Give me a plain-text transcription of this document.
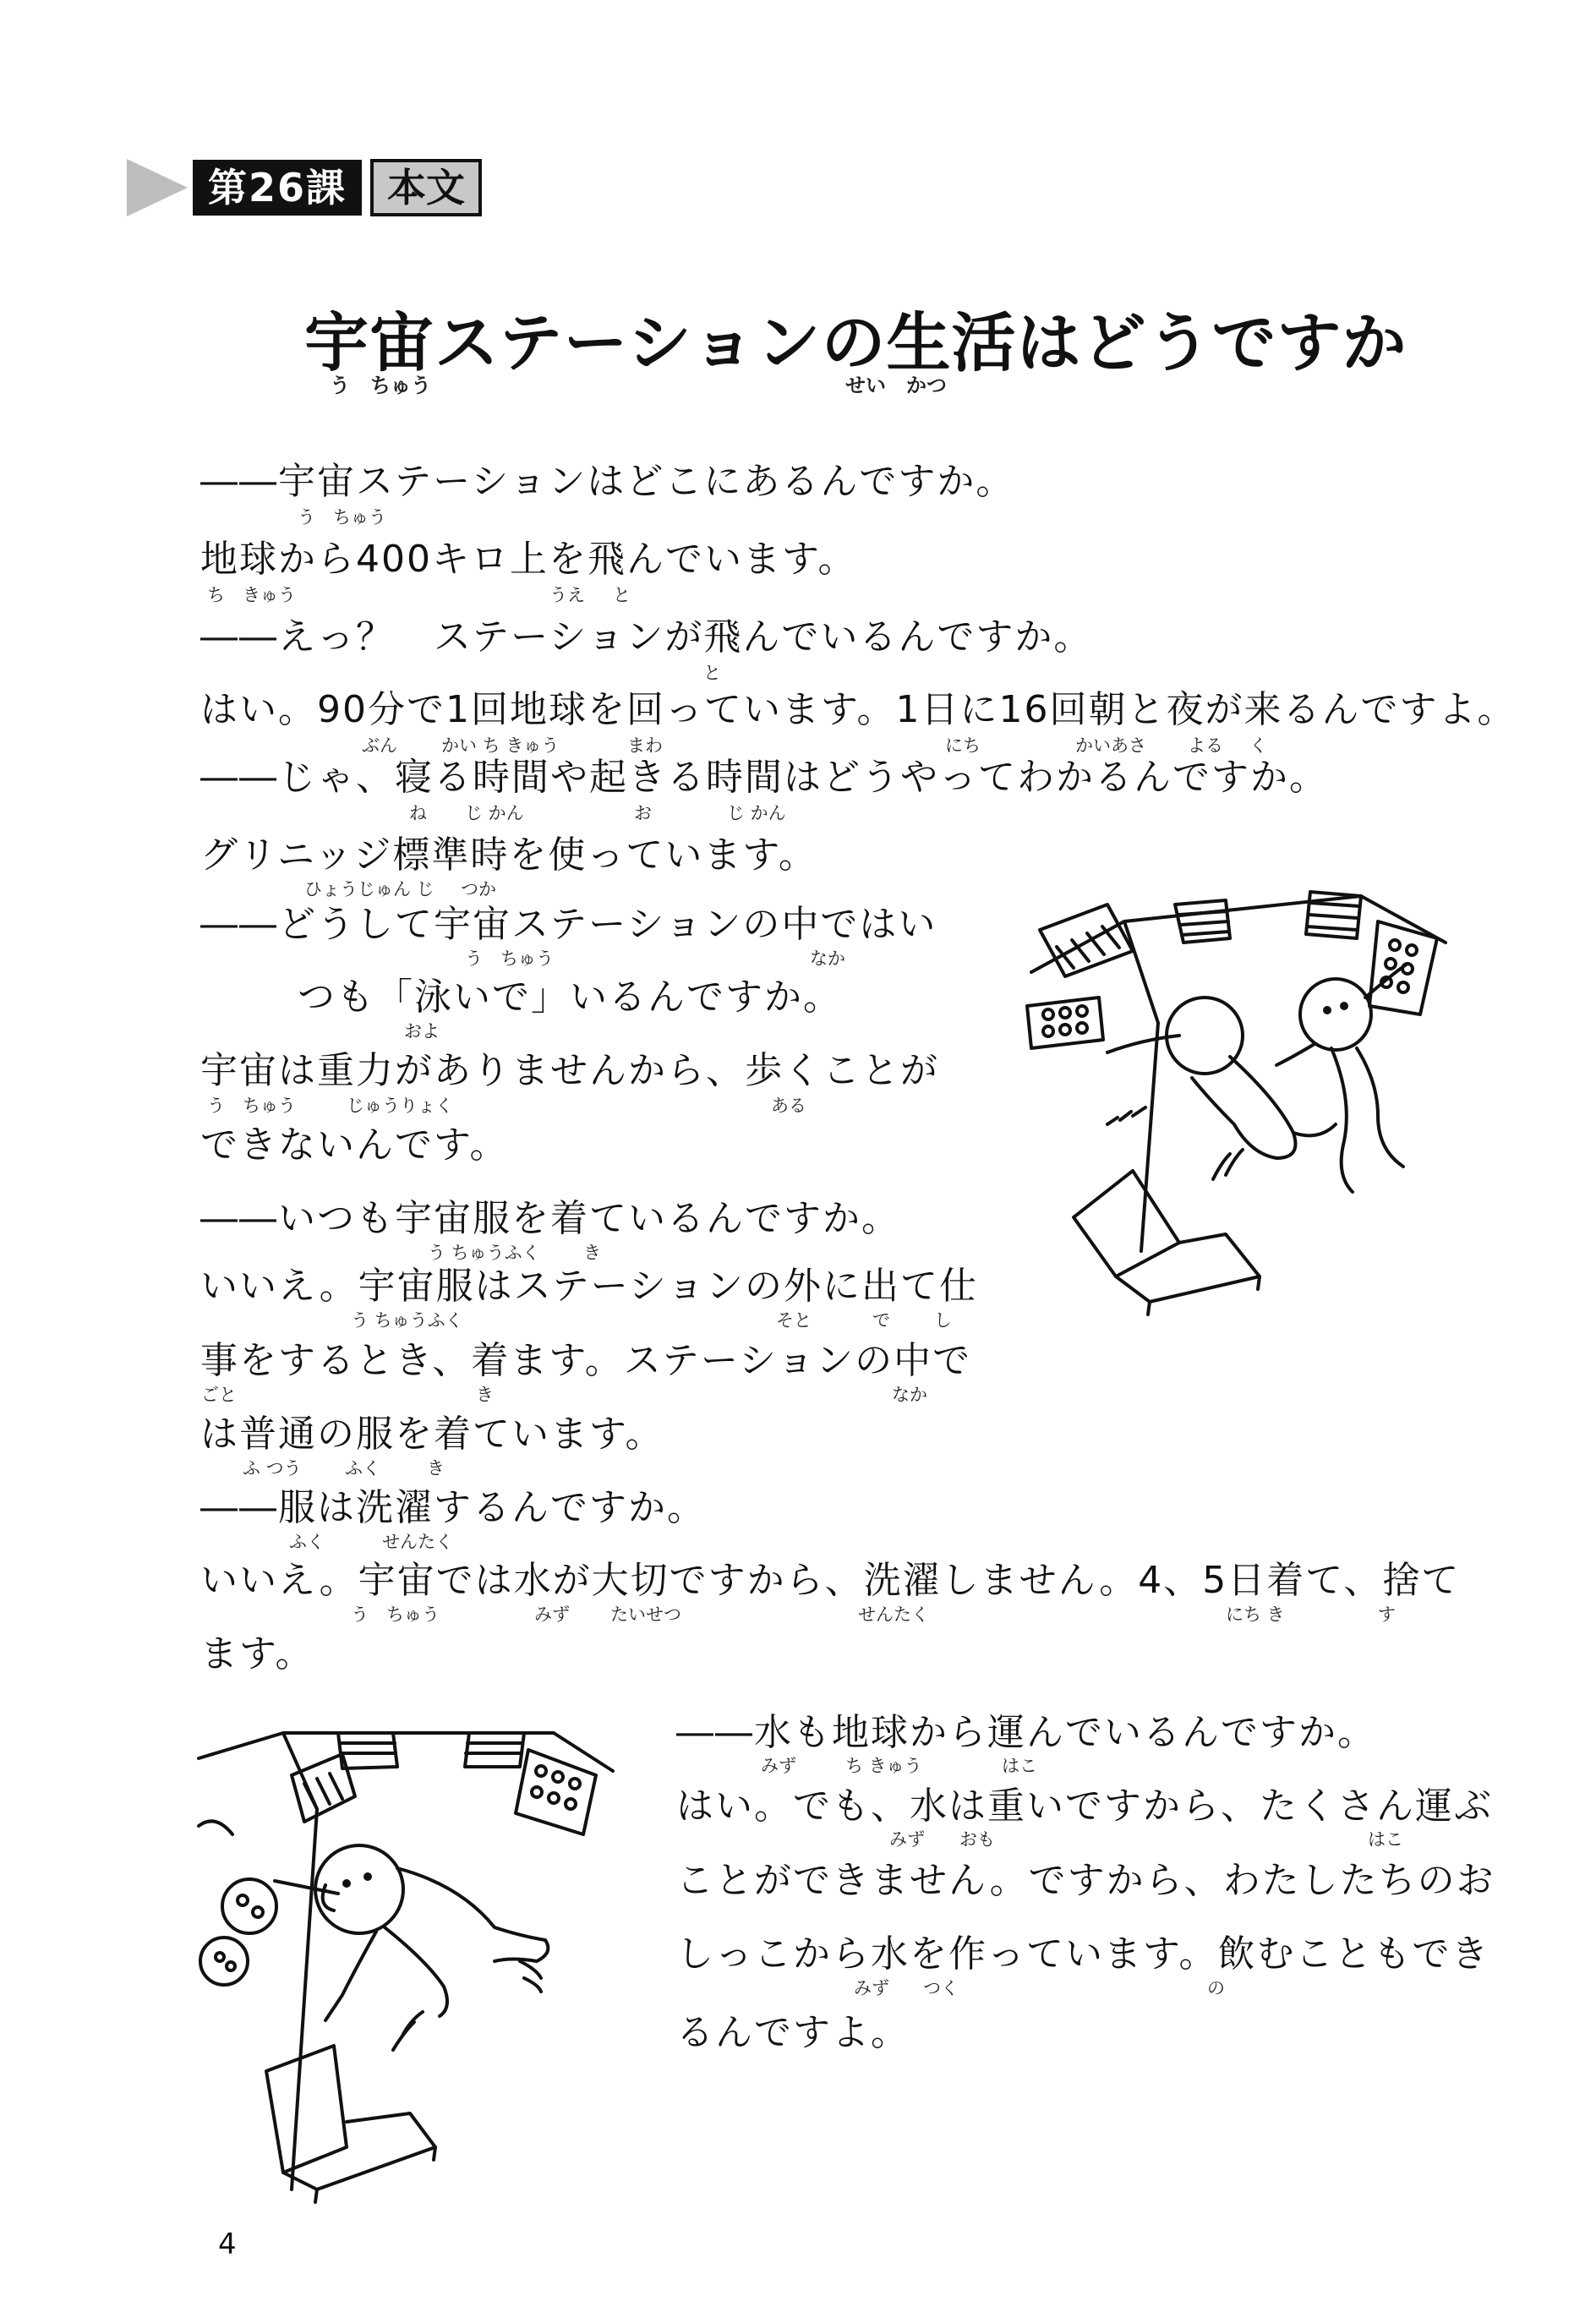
第26課	本文
宇宙ステーションの生活はどうですか
う　ちゅう	せい　かつ
――宇宙ステーションはどこにあるんですか。
地球から400キロ上を飛んでいます。
――えっ？　ステーションが飛んでいるんですか。
はい。90分で1回地球を回っています。1日に16回朝と夜が来るんですよ。
――じゃ、寝る時間や起きる時間はどうやってわかるんですか。
グリニッジ標準時を使っています。
――どうして宇宙ステーションの中ではい
つも「泳いで」いるんですか。
宇宙は重力がありませんから、歩くことが
できないんです。
――いつも宇宙服を着ているんですか。
いいえ。宇宙服はステーションの外に出て仕
事をするとき、着ます。ステーションの中で
は普通の服を着ています。
――服は洗濯するんですか。
いいえ。宇宙では水が大切ですから、洗濯しません。4、5日着て、捨て
ます。
――水も地球から運んでいるんですか。
はい。でも、水は重いですから、たくさん運ぶ
ことができません。ですから、わたしたちのお
しっこから水を作っています。飲むこともでき
るんですよ。
う　ちゅう
ち　きゅう	うえ と
と
ぶん かい ち きゅう	まわ	にち	かいあさ よる く
ね じ かん	お	じ かん
ひょうじゅん じ つか
う　ちゅう	なか
およ
う　ちゅう	じゅうりょく	ある
う ちゅうふく き
う ちゅうふく	そと	で し
ごと	き	なか
ふ つう ふく	き
ふく	せんたく
う　ちゅう	みず たいせつ	せんたく	にち き	す
みず	ち きゅう	はこ
みず おも	はこ
みず つく	の
4
